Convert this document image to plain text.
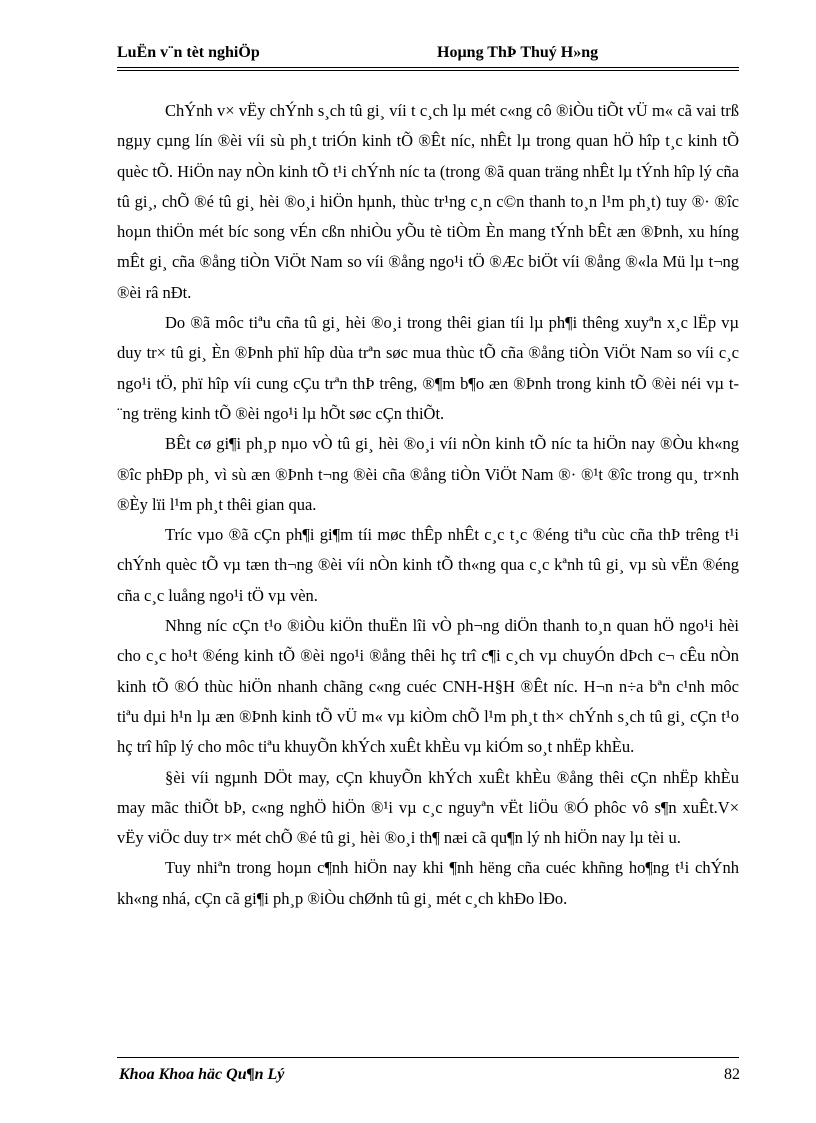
LuËn v¨n tèt nghiÖp	Hoµng ThÞ Thuý H»ng

ChÝnh v× vËy chÝnh s¸ch tû gi¸ víi t c¸ch lµ mét c«ng cô ®iÒu tiÕt vÜ m« cã vai trß ngµy cµng lín ®èi víi sù ph¸t triÓn kinh tÕ ®Êt níc, nhÊt lµ trong quan hÖ hîp t¸c kinh tÕ quèc tÕ. HiÖn nay nÒn kinh tÕ t¹i chÝnh níc ta (trong ®ã quan träng nhÊt lµ tÝnh hîp lý cña tû gi¸, chÕ ®é tû gi¸ hèi ®o¸i hiÖn hµnh, thùc tr¹ng c¸n c©n thanh to¸n l¹m ph¸t) tuy ®· ®îc hoµn thiÖn mét bíc song vÉn cßn nhiÒu yÕu tè tiÒm Èn mang tÝnh bÊt æn ®Þnh, xu híng mÊt gi¸ cña ®ång tiÒn ViÖt Nam so víi ®ång ngo¹i tÖ ®Æc biÖt víi ®ång ®«la Mü lµ t¬ng ®èi râ nÐt.

Do ®ã môc tiªu cña tû gi¸ hèi ®o¸i trong thêi gian tíi lµ ph¶i thêng xuyªn x¸c lËp vµ duy tr× tû gi¸ Èn ®Þnh phï hîp dùa trªn søc mua thùc tÕ cña ®ång tiÒn ViÖt Nam so víi c¸c ngo¹i tÖ, phï hîp víi cung cÇu trªn thÞ trêng, ®¶m b¶o æn ®Þnh trong kinh tÕ ®èi néi vµ t¨ng trëng kinh tÕ ®èi ngo¹i lµ hÕt søc cÇn thiÕt.

BÊt cø gi¶i ph¸p nµo vÒ tû gi¸ hèi ®o¸i víi nÒn kinh tÕ níc ta hiÖn nay ®Òu kh«ng ®îc phÐp ph¸ vì sù æn ®Þnh t¬ng ®èi cña ®ång tiÒn ViÖt Nam ®· ®¹t ®îc trong qu¸ tr×nh ®Èy lïi l¹m ph¸t thêi gian qua.

Tríc vµo ®ã cÇn ph¶i gi¶m tíi møc thÊp nhÊt c¸c t¸c ®éng tiªu cùc cña thÞ trêng t¹i chÝnh quèc tÕ vµ tæn th¬ng ®èi víi nÒn kinh tÕ th«ng qua c¸c kªnh tû gi¸ vµ sù vËn ®éng cña c¸c luång ngo¹i tÖ vµ vèn.

Nhng níc cÇn t¹o ®iÒu kiÖn thuËn lîi vÒ ph¬ng diÖn thanh to¸n quan hÖ ngo¹i hèi cho c¸c ho¹t ®éng kinh tÕ ®èi ngo¹i ®ång thêi hç trî c¶i c¸ch vµ chuyÓn dÞch c¬ cÊu nÒn kinh tÕ ®Ó thùc hiÖn nhanh chãng c«ng cuéc CNH-H§H ®Êt níc. H¬n n÷a bªn c¹nh môc tiªu dµi h¹n lµ æn ®Þnh kinh tÕ vÜ m« vµ kiÒm chÕ l¹m ph¸t th× chÝnh s¸ch tû gi¸ cÇn t¹o hç trî hîp lý cho môc tiªu khuyÕn khÝch xuÊt khÈu vµ kiÓm so¸t nhËp khÈu.

§èi víi ngµnh DÖt may, cÇn khuyÕn khÝch xuÊt khÈu ®ång thêi cÇn nhËp khÈu may mãc thiÕt bÞ, c«ng nghÖ hiÖn ®¹i vµ c¸c nguyªn vËt liÖu ®Ó phôc vô s¶n xuÊt.V× vËy viÖc duy tr× mét chÕ ®é tû gi¸ hèi ®o¸i th¶ næi cã qu¶n lý nh hiÖn nay lµ tèi u.

Tuy nhiªn trong hoµn c¶nh hiÖn nay khi ¶nh hëng cña cuéc khñng ho¶ng t¹i chÝnh kh«ng nhá, cÇn cã gi¶i ph¸p ®iÒu chØnh tû gi¸ mét c¸ch khÐo lÐo.

Khoa Khoa häc Qu¶n Lý	82
